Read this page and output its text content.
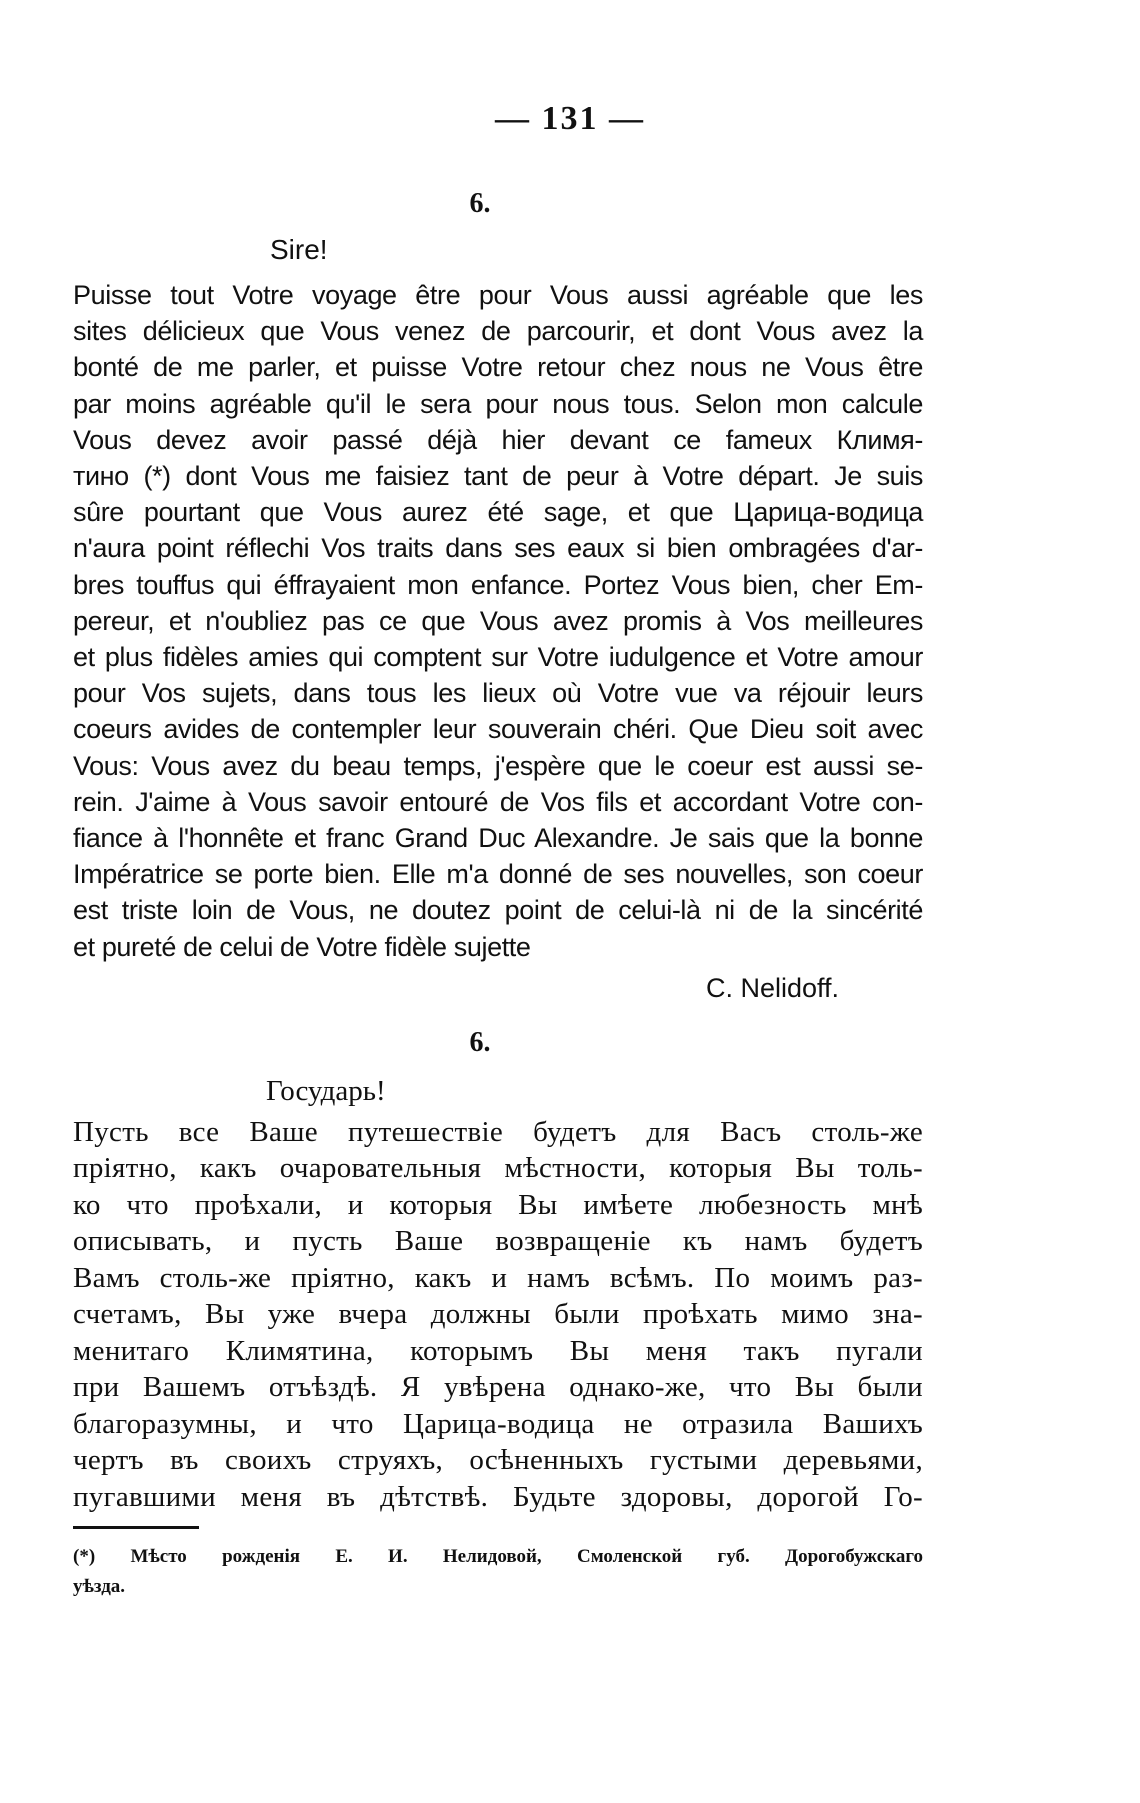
— 131 —
6.
Sire!
Puisse tout Votre voyage être pour Vous aussi agréable que les
sites délicieux que Vous venez de parcourir, et dont Vous avez la
bonté de me parler, et puisse Votre retour chez nous ne Vous être
par moins agréable qu'il le sera pour nous tous. Selon mon calcule
Vous devez avoir passé déjà hier devant ce fameux Климя-
тино (*) dont Vous me faisiez tant de peur à Votre départ. Je suis
sûre pourtant que Vous aurez été sage, et que Царица-водица
n'aura point réflechi Vos traits dans ses eaux si bien ombragées d'ar-
bres touffus qui éffrayaient mon enfance. Portez Vous bien, cher Em-
pereur, et n'oubliez pas ce que Vous avez promis à Vos meilleures
et plus fidèles amies qui comptent sur Votre iudulgence et Votre amour
pour Vos sujets, dans tous les lieux où Votre vue va réjouir leurs
coeurs avides de contempler leur souverain chéri. Que Dieu soit avec
Vous: Vous avez du beau temps, j'espère que le coeur est aussi se-
rein. J'aime à Vous savoir entouré de Vos fils et accordant Votre con-
fiance à l'honnête et franc Grand Duc Alexandre. Je sais que la bonne
Impératrice se porte bien. Elle m'a donné de ses nouvelles, son coeur
est triste loin de Vous, ne doutez point de celui-là ni de la sincérité
et pureté de celui de Votre fidèle sujette
C. Nelidoff.
6.
Государь!
Пусть все Ваше путешествіе будетъ для Васъ столь-же
пріятно, какъ очаровательныя мѣстности, которыя Вы толь-
ко что проѣхали, и которыя Вы имѣете любезность мнѣ
описывать, и пусть Ваше возвращеніе къ намъ будетъ
Вамъ столь-же пріятно, какъ и намъ всѣмъ. По моимъ раз-
счетамъ, Вы уже вчера должны были проѣхать мимо зна-
менитаго Климятина, которымъ Вы меня такъ пугали
при Вашемъ отъѣздѣ. Я увѣрена однако-же, что Вы были
благоразумны, и что Царица-водица не отразила Вашихъ
чертъ въ своихъ струяхъ, осѣненныхъ густыми деревьями,
пугавшими меня въ дѣтствѣ. Будьте здоровы, дорогой Го-
(*) Мѣсто рожденія Е. И. Нелидовой, Смоленской губ. Дорогобужскаго
уѣзда.
